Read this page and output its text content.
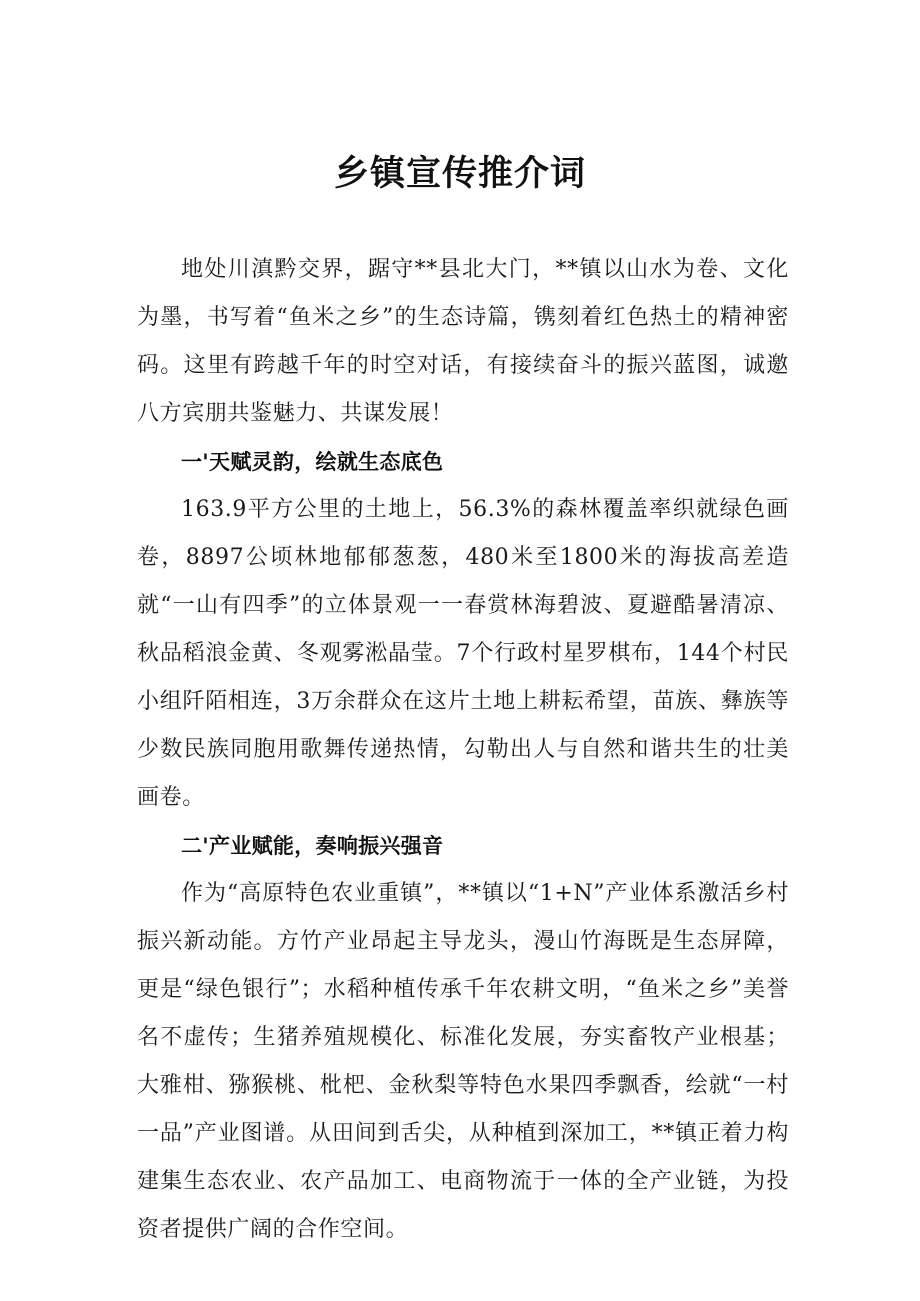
乡镇宣传推介词

地处川滇黔交界，踞守**县北大门，**镇以山水为卷、文化为墨，书写着“鱼米之乡”的生态诗篇，镌刻着红色热土的精神密码。这里有跨越千年的时空对话，有接续奋斗的振兴蓝图，诚邀八方宾朋共鉴魅力、共谋发展！

一'天赋灵韵，绘就生态底色

163.9平方公里的土地上，56.3%的森林覆盖率织就绿色画卷，8897公顷林地郁郁葱葱，480米至1800米的海拔高差造就“一山有四季”的立体景观一一春赏林海碧波、夏避酷暑清凉、秋品稻浪金黄、冬观雾淞晶莹。7个行政村星罗棋布，144个村民小组阡陌相连，3万余群众在这片土地上耕耘希望，苗族、彝族等少数民族同胞用歌舞传递热情，勾勒出人与自然和谐共生的壮美画卷。

二'产业赋能，奏响振兴强音

作为“高原特色农业重镇”，**镇以“1+N”产业体系激活乡村振兴新动能。方竹产业昂起主导龙头，漫山竹海既是生态屏障，更是“绿色银行”；水稻种植传承千年农耕文明，“鱼米之乡”美誉名不虚传；生猪养殖规模化、标准化发展，夯实畜牧产业根基；大雅柑、猕猴桃、枇杷、金秋梨等特色水果四季飘香，绘就“一村一品”产业图谱。从田间到舌尖，从种植到深加工，**镇正着力构建集生态农业、农产品加工、电商物流于一体的全产业链，为投资者提供广阔的合作空间。
